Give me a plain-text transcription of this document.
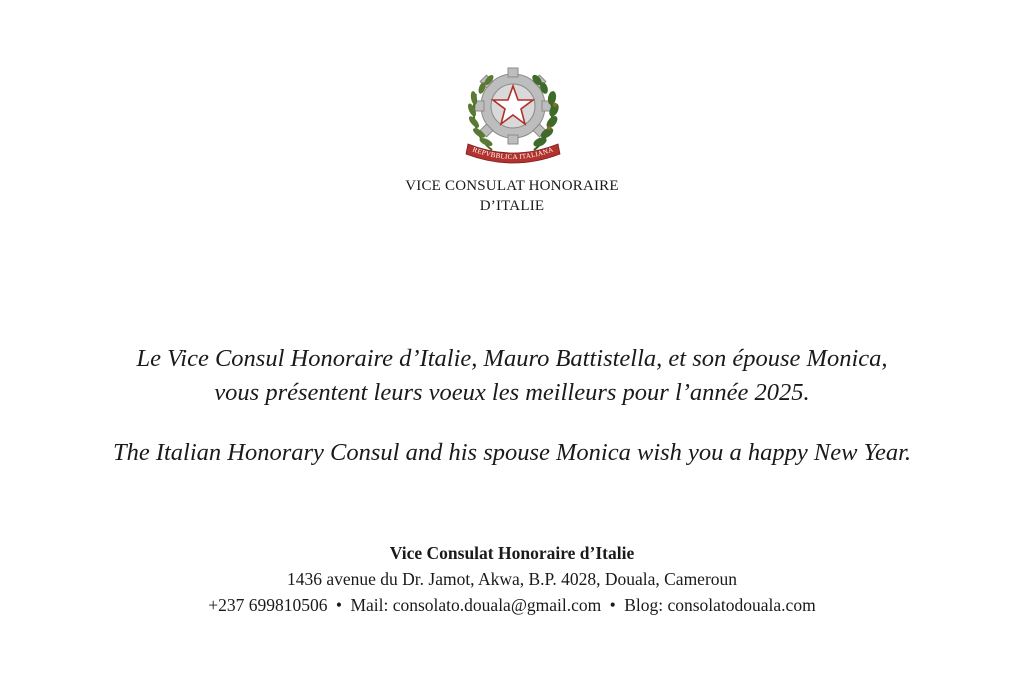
REPVBBLICA ITALIANA
VICE CONSULAT HONORAIRE
D’ITALIE
Le Vice Consul Honoraire d’Italie, Mauro Battistella, et son épouse Monica,
vous présentent leurs voeux les meilleurs pour l’année 2025.
The Italian Honorary Consul and his spouse Monica wish you a happy New Year.
Vice Consulat Honoraire d’Italie
1436 avenue du Dr. Jamot, Akwa, B.P. 4028, Douala, Cameroun
+237 699810506 • Mail: consolato.douala@gmail.com • Blog: consolatodouala.com
